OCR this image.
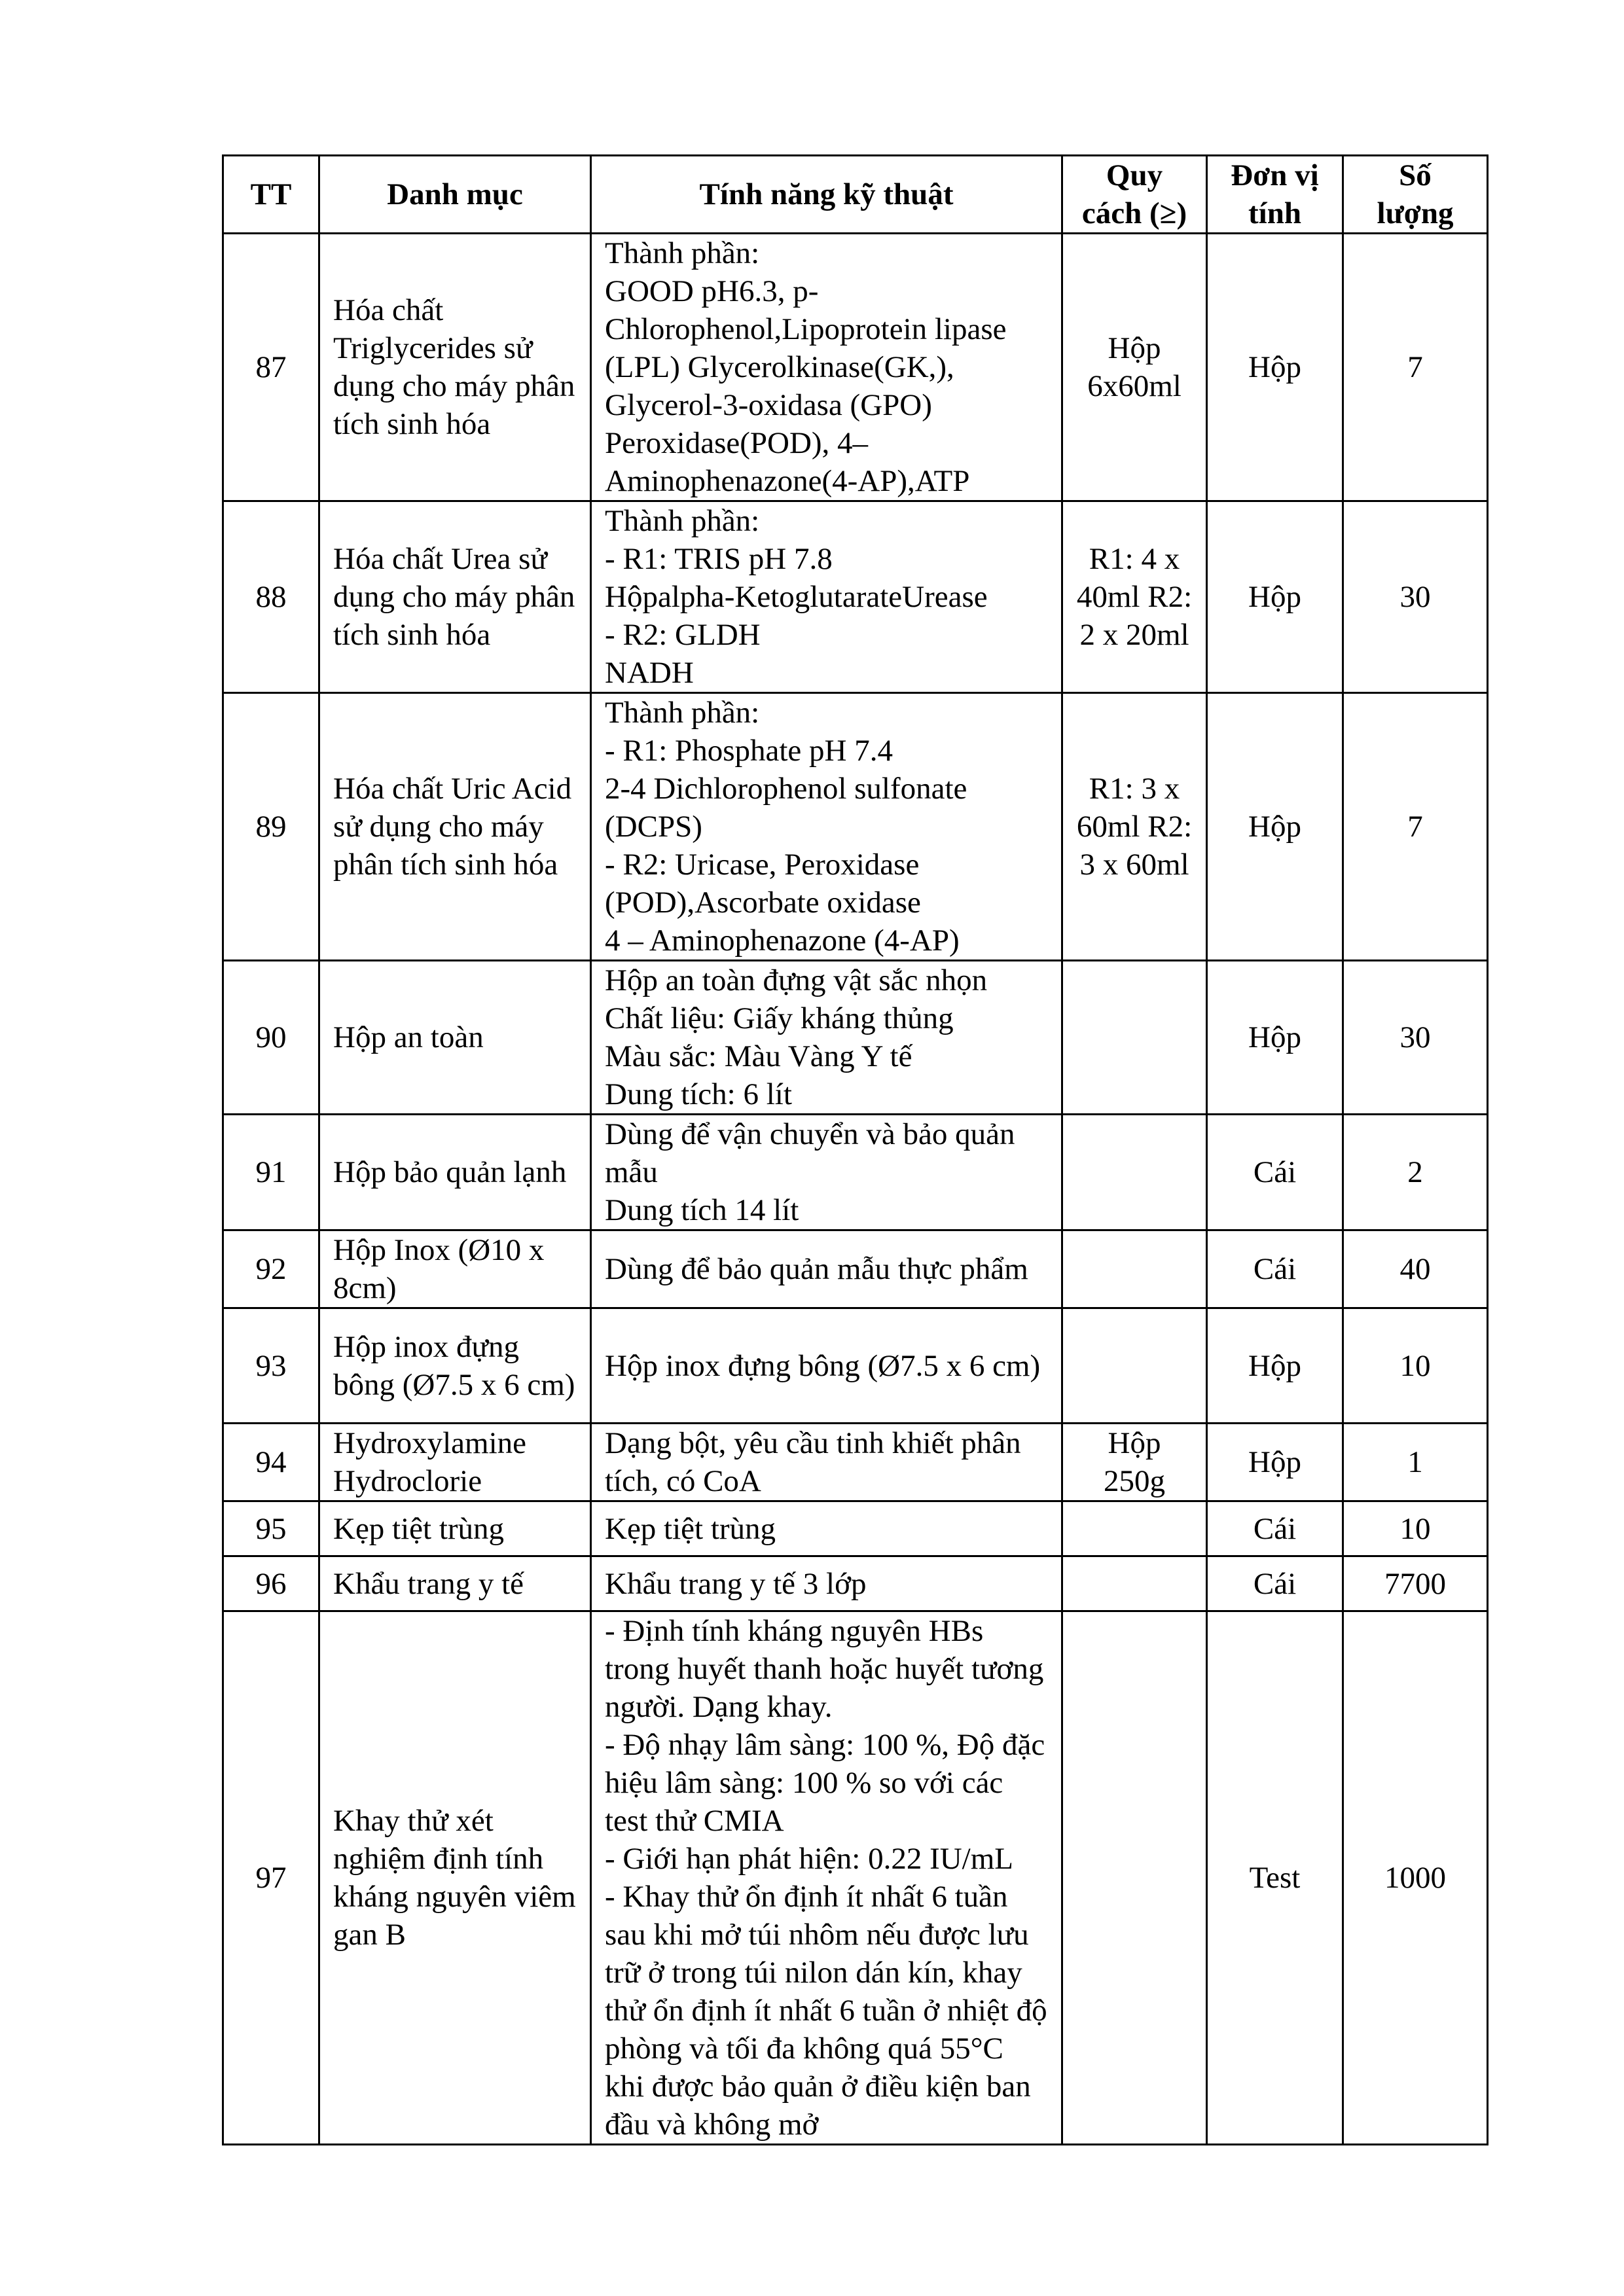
TT	Danh mục	Tính năng kỹ thuật	Quy cách (≥)	Đơn vị tính	Số lượng
87	Hóa chất Triglycerides sử dụng cho máy phân tích sinh hóa	Thành phần:
GOOD pH6.3, p-Chlorophenol,Lipoprotein lipase (LPL) Glycerolkinase(GK,), Glycerol-3-oxidasa (GPO) Peroxidase(POD), 4–Aminophenazone(4-AP),ATP	Hộp 6x60ml	Hộp	7
88	Hóa chất Urea sử dụng cho máy phân tích sinh hóa	Thành phần:
- R1: TRIS pH 7.8
Hộpalpha-KetoglutarateUrease
- R2: GLDH
NADH	R1: 4 x 40ml R2: 2 x 20ml	Hộp	30
89	Hóa chất Uric Acid sử dụng cho máy phân tích sinh hóa	Thành phần:
- R1: Phosphate pH 7.4
2-4 Dichlorophenol sulfonate (DCPS)
- R2: Uricase, Peroxidase (POD),Ascorbate oxidase
4 – Aminophenazone (4-AP)	R1: 3 x 60ml R2: 3 x 60ml	Hộp	7
90	Hộp an toàn	Hộp an toàn đựng vật sắc nhọn
Chất liệu: Giấy kháng thủng
Màu sắc: Màu Vàng Y tế
Dung tích: 6 lít		Hộp	30
91	Hộp bảo quản lạnh	Dùng để vận chuyển và bảo quản mẫu
Dung tích 14 lít		Cái	2
92	Hộp Inox (Ø10 x 8cm)	Dùng để bảo quản mẫu thực phẩm		Cái	40
93	Hộp inox đựng bông (Ø7.5 x 6 cm)	Hộp inox đựng bông (Ø7.5 x 6 cm)		Hộp	10
94	Hydroxylamine Hydroclorie	Dạng bột, yêu cầu tinh khiết phân tích, có CoA	Hộp 250g	Hộp	1
95	Kẹp tiệt trùng	Kẹp tiệt trùng		Cái	10
96	Khẩu trang y tế	Khẩu trang y tế 3 lớp		Cái	7700
97	Khay thử xét nghiệm định tính kháng nguyên viêm gan B	- Định tính kháng nguyên HBs trong huyết thanh hoặc huyết tương người. Dạng khay.
- Độ nhạy lâm sàng: 100 %, Độ đặc hiệu lâm sàng: 100 % so với các test thử CMIA
- Giới hạn phát hiện: 0.22 IU/mL
- Khay thử ổn định ít nhất 6 tuần sau khi mở túi nhôm nếu được lưu trữ ở trong túi nilon dán kín, khay thử ổn định ít nhất 6 tuần ở nhiệt độ phòng và tối đa không quá 55°C khi được bảo quản ở điều kiện ban đầu và không mở		Test	1000
